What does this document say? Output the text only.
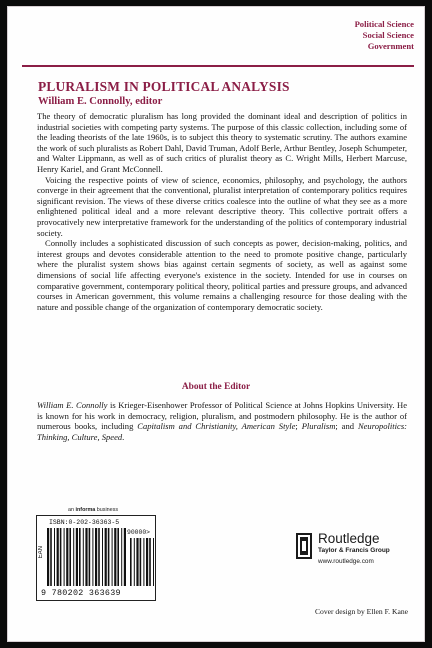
Political Science
Social Science
Government
PLURALISM IN POLITICAL ANALYSIS
William E. Connolly, editor

The theory of democratic pluralism has long provided the dominant ideal and description of politics in industrial societies with competing party systems. The purpose of this classic collection, including some of the leading theorists of the late 1960s, is to subject this theory to systematic scrutiny. The authors examine the work of such pluralists as Robert Dahl, David Truman, Adolf Berle, Arthur Bentley, Joseph Schumpeter, and Walter Lippmann, as well as of such critics of pluralist theory as C. Wright Mills, Herbert Marcuse, Henry Kariel, and Grant McConnell.

Voicing the respective points of view of science, economics, philosophy, and psychology, the authors converge in their agreement that the conventional, pluralist interpretation of contemporary politics requires significant revision. The views of these diverse critics coalesce into the outline of what they see as a more enlightened political ideal and a more relevant descriptive theory. This collective portrait offers a provocatively new interpretative framework for the understanding of the politics of contemporary industrial society.

Connolly includes a sophisticated discussion of such concepts as power, decision-making, politics, and interest groups and devotes considerable attention to the need to promote positive change, particularly where the pluralist system shows bias against certain segments of society, as well as against some dimensions of social life affecting everyone's existence in the society. Intended for use in courses on comparative government, contemporary political theory, political parties and pressure groups, and advanced courses in American government, this volume remains a challenging resource for those dealing with the nature and possible change of the organization of contemporary democratic society.

About the Editor

William E. Connolly is Krieger-Eisenhower Professor of Political Science at Johns Hopkins University. He is known for his work in democracy, religion, pluralism, and postmodern philosophy. He is the author of numerous books, including Capitalism and Christianity, American Style; Pluralism; and Neuropolitics: Thinking, Culture, Speed.

an informa business
ISBN:0-202-36363-5
EAN
90000>
9 780202 363639
Routledge
Taylor & Francis Group
www.routledge.com
Cover design by Ellen F. Kane
